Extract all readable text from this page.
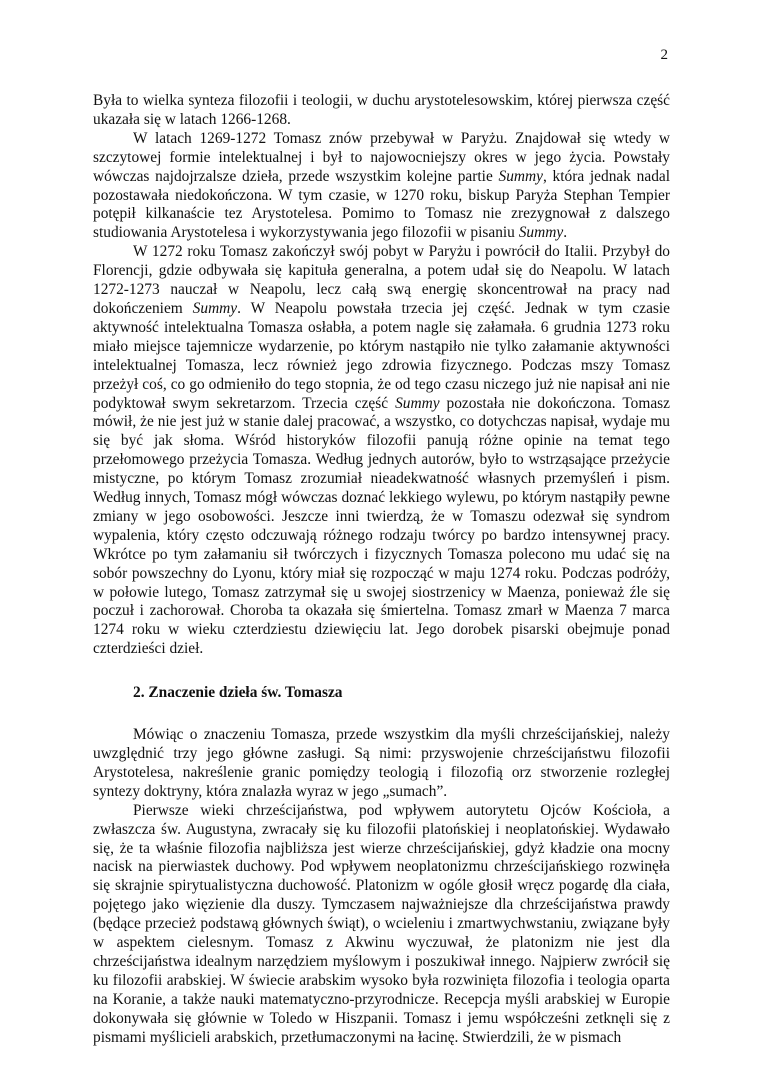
2

Była to wielka synteza filozofii i teologii, w duchu arystotelesowskim, której pierwsza część ukazała się w latach 1266-1268.

W latach 1269-1272 Tomasz znów przebywał w Paryżu. Znajdował się wtedy w szczytowej formie intelektualnej i był to najowocniejszy okres w jego życia. Powstały wówczas najdojrzalsze dzieła, przede wszystkim kolejne partie Summy, która jednak nadal pozostawała niedokończona. W tym czasie, w 1270 roku, biskup Paryża Stephan Tempier potępił kilkanaście tez Arystotelesa. Pomimo to Tomasz nie zrezygnował z dalszego studiowania Arystotelesa i wykorzystywania jego filozofii w pisaniu Summy.

W 1272 roku Tomasz zakończył swój pobyt w Paryżu i powrócił do Italii. Przybył do Florencji, gdzie odbywała się kapituła generalna, a potem udał się do Neapolu. W latach 1272-1273 nauczał w Neapolu, lecz całą swą energię skoncentrował na pracy nad dokończeniem Summy. W Neapolu powstała trzecia jej część. Jednak w tym czasie aktywność intelektualna Tomasza osłabła, a potem nagle się załamała. 6 grudnia 1273 roku miało miejsce tajemnicze wydarzenie, po którym nastąpiło nie tylko załamanie aktywności intelektualnej Tomasza, lecz również jego zdrowia fizycznego. Podczas mszy Tomasz przeżył coś, co go odmieniło do tego stopnia, że od tego czasu niczego już nie napisał ani nie podyktował swym sekretarzom. Trzecia część Summy pozostała nie dokończona. Tomasz mówił, że nie jest już w stanie dalej pracować, a wszystko, co dotychczas napisał, wydaje mu się być jak słoma. Wśród historyków filozofii panują różne opinie na temat tego przełomowego przeżycia Tomasza. Według jednych autorów, było to wstrząsające przeżycie mistyczne, po którym Tomasz zrozumiał nieadekwatność własnych przemyśleń i pism. Według innych, Tomasz mógł wówczas doznać lekkiego wylewu, po którym nastąpiły pewne zmiany w jego osobowości. Jeszcze inni twierdzą, że w Tomaszu odezwał się syndrom wypalenia, który często odczuwają różnego rodzaju twórcy po bardzo intensywnej pracy. Wkrótce po tym załamaniu sił twórczych i fizycznych Tomasza polecono mu udać się na sobór powszechny do Lyonu, który miał się rozpocząć w maju 1274 roku. Podczas podróży, w połowie lutego, Tomasz zatrzymał się u swojej siostrzenicy w Maenza, ponieważ źle się poczuł i zachorował. Choroba ta okazała się śmiertelna. Tomasz zmarł w Maenza 7 marca 1274 roku w wieku czterdziestu dziewięciu lat. Jego dorobek pisarski obejmuje ponad czterdzieści dzieł.

2. Znaczenie dzieła św. Tomasza

Mówiąc o znaczeniu Tomasza, przede wszystkim dla myśli chrześcijańskiej, należy uwzględnić trzy jego główne zasługi. Są nimi: przyswojenie chrześcijaństwu filozofii Arystotelesa, nakreślenie granic pomiędzy teologią i filozofią orz stworzenie rozległej syntezy doktryny, która znalazła wyraz w jego „sumach”.

Pierwsze wieki chrześcijaństwa, pod wpływem autorytetu Ojców Kościoła, a zwłaszcza św. Augustyna, zwracały się ku filozofii platońskiej i neoplatońskiej. Wydawało się, że ta właśnie filozofia najbliższa jest wierze chrześcijańskiej, gdyż kładzie ona mocny nacisk na pierwiastek duchowy. Pod wpływem neoplatonizmu chrześcijańskiego rozwinęła się skrajnie spirytualistyczna duchowość. Platonizm w ogóle głosił wręcz pogardę dla ciała, pojętego jako więzienie dla duszy. Tymczasem najważniejsze dla chrześcijaństwa prawdy (będące przecież podstawą głównych świąt), o wcieleniu i zmartwychwstaniu, związane były w aspektem cielesnym. Tomasz z Akwinu wyczuwał, że platonizm nie jest dla chrześcijaństwa idealnym narzędziem myślowym i poszukiwał innego. Najpierw zwrócił się ku filozofii arabskiej. W świecie arabskim wysoko była rozwinięta filozofia i teologia oparta na Koranie, a także nauki matematyczno-przyrodnicze. Recepcja myśli arabskiej w Europie dokonywała się głównie w Toledo w Hiszpanii. Tomasz i jemu współcześni zetknęli się z pismami myślicieli arabskich, przetłumaczonymi na łacinę. Stwierdzili, że w pismach
